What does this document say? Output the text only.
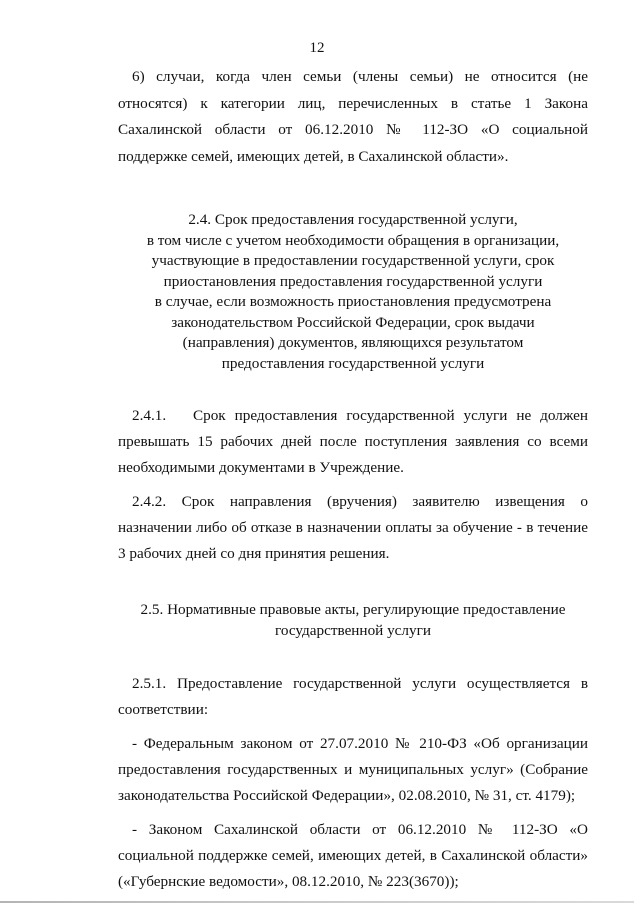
12

6) случаи, когда член семьи (члены семьи) не относится (не относятся) к категории лиц, перечисленных в статье 1 Закона Сахалинской области от 06.12.2010 № 112-ЗО «О социальной поддержке семей, имеющих детей, в Сахалинской области».

2.4. Срок предоставления государственной услуги,
в том числе с учетом необходимости обращения в организации,
участвующие в предоставлении государственной услуги, срок
приостановления предоставления государственной услуги
в случае, если возможность приостановления предусмотрена
законодательством Российской Федерации, срок выдачи
(направления) документов, являющихся результатом
предоставления государственной услуги

2.4.1.   Срок предоставления государственной услуги не должен превышать 15 рабочих дней после поступления заявления со всеми необходимыми документами в Учреждение.

2.4.2. Срок направления (вручения) заявителю извещения о назначении либо об отказе в назначении оплаты за обучение - в течение 3 рабочих дней со дня принятия решения.

2.5. Нормативные правовые акты, регулирующие предоставление
государственной услуги

2.5.1. Предоставление государственной услуги осуществляется в соответствии:

- Федеральным законом от 27.07.2010 № 210-ФЗ «Об организации предоставления государственных и муниципальных услуг» (Собрание законодательства Российской Федерации», 02.08.2010, № 31, ст. 4179);

- Законом Сахалинской области от 06.12.2010 № 112-ЗО «О социальной поддержке семей, имеющих детей, в Сахалинской области» («Губернские ведомости», 08.12.2010, № 223(3670));
